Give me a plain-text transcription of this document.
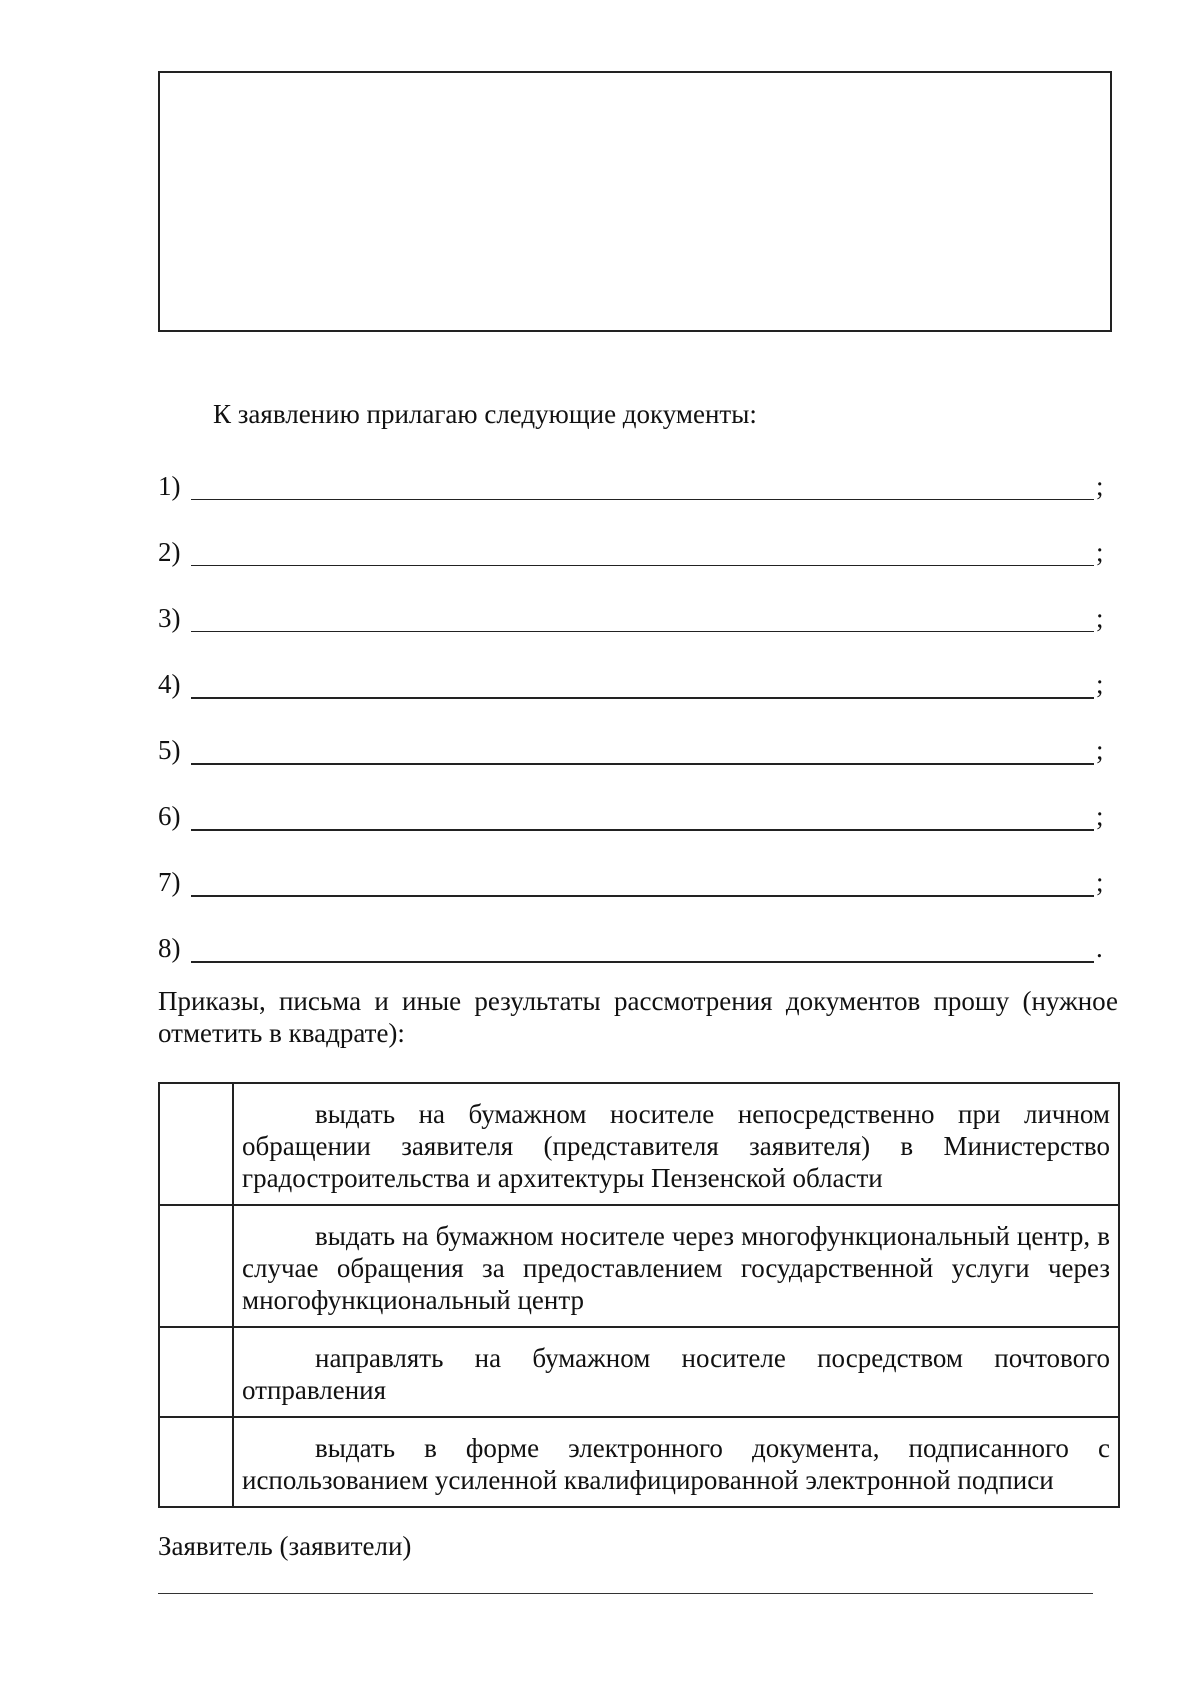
К заявлению прилагаю следующие документы:
1)	;
2)	;
3)	;
4)	;
5)	;
6)	;
7)	;
8)	.
Приказы, письма и иные результаты рассмотрения документов прошу (нужное отметить в квадрате):
	выдать на бумажном носителе непосредственно при личном обращении заявителя (представителя заявителя) в Министерство градостроительства и архитектуры Пензенской области
	выдать на бумажном носителе через многофункциональный центр, в случае обращения за предоставлением государственной услуги через многофункциональный центр
	направлять на бумажном носителе посредством почтового отправления
	выдать в форме электронного документа, подписанного с использованием усиленной квалифицированной электронной подписи
Заявитель (заявители)
